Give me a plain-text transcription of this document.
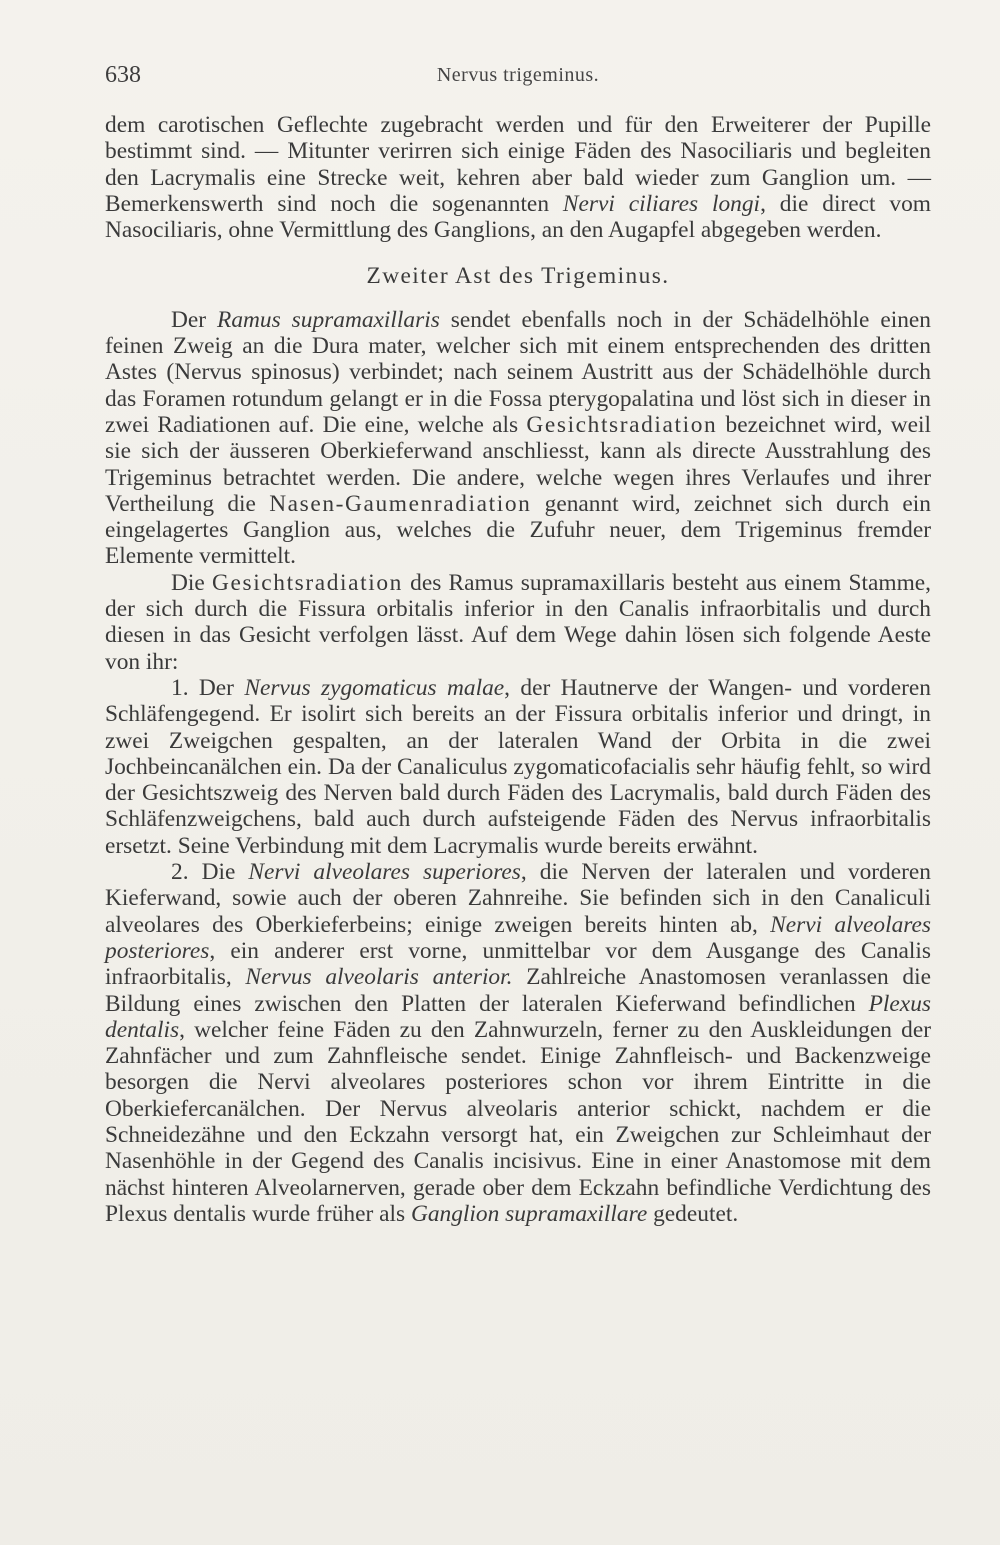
638	Nervus trigeminus.

dem carotischen Geflechte zugebracht werden und für den Erweiterer der Pupille bestimmt sind. — Mitunter verirren sich einige Fäden des Nasociliaris und begleiten den Lacrymalis eine Strecke weit, kehren aber bald wieder zum Ganglion um. — Bemerkenswerth sind noch die sogenannten Nervi ciliares longi, die direct vom Nasociliaris, ohne Vermittlung des Ganglions, an den Augapfel abgegeben werden.

Zweiter Ast des Trigeminus.

Der Ramus supramaxillaris sendet ebenfalls noch in der Schädelhöhle einen feinen Zweig an die Dura mater, welcher sich mit einem entsprechenden des dritten Astes (Nervus spinosus) verbindet; nach seinem Austritt aus der Schädelhöhle durch das Foramen rotundum gelangt er in die Fossa pterygopalatina und löst sich in dieser in zwei Radiationen auf. Die eine, welche als Gesichtsradiation bezeichnet wird, weil sie sich der äusseren Oberkieferwand anschliesst, kann als directe Ausstrahlung des Trigeminus betrachtet werden. Die andere, welche wegen ihres Verlaufes und ihrer Vertheilung die Nasen-Gaumenradiation genannt wird, zeichnet sich durch ein eingelagertes Ganglion aus, welches die Zufuhr neuer, dem Trigeminus fremder Elemente vermittelt.

Die Gesichtsradiation des Ramus supramaxillaris besteht aus einem Stamme, der sich durch die Fissura orbitalis inferior in den Canalis infraorbitalis und durch diesen in das Gesicht verfolgen lässt. Auf dem Wege dahin lösen sich folgende Aeste von ihr:

1. Der Nervus zygomaticus malae, der Hautnerve der Wangen- und vorderen Schläfengegend. Er isolirt sich bereits an der Fissura orbitalis inferior und dringt, in zwei Zweigchen gespalten, an der lateralen Wand der Orbita in die zwei Jochbeincanälchen ein. Da der Canaliculus zygomaticofacialis sehr häufig fehlt, so wird der Gesichtszweig des Nerven bald durch Fäden des Lacrymalis, bald durch Fäden des Schläfenzweigchens, bald auch durch aufsteigende Fäden des Nervus infraorbitalis ersetzt. Seine Verbindung mit dem Lacrymalis wurde bereits erwähnt.

2. Die Nervi alveolares superiores, die Nerven der lateralen und vorderen Kieferwand, sowie auch der oberen Zahnreihe. Sie befinden sich in den Canaliculi alveolares des Oberkieferbeins; einige zweigen bereits hinten ab, Nervi alveolares posteriores, ein anderer erst vorne, unmittelbar vor dem Ausgange des Canalis infraorbitalis, Nervus alveolaris anterior. Zahlreiche Anastomosen veranlassen die Bildung eines zwischen den Platten der lateralen Kieferwand befindlichen Plexus dentalis, welcher feine Fäden zu den Zahnwurzeln, ferner zu den Auskleidungen der Zahnfächer und zum Zahnfleische sendet. Einige Zahnfleisch- und Backenzweige besorgen die Nervi alveolares posteriores schon vor ihrem Eintritte in die Oberkiefercanälchen. Der Nervus alveolaris anterior schickt, nachdem er die Schneidezähne und den Eckzahn versorgt hat, ein Zweigchen zur Schleimhaut der Nasenhöhle in der Gegend des Canalis incisivus. Eine in einer Anastomose mit dem nächst hinteren Alveolarnerven, gerade ober dem Eckzahn befindliche Verdichtung des Plexus dentalis wurde früher als Ganglion supramaxillare gedeutet.
